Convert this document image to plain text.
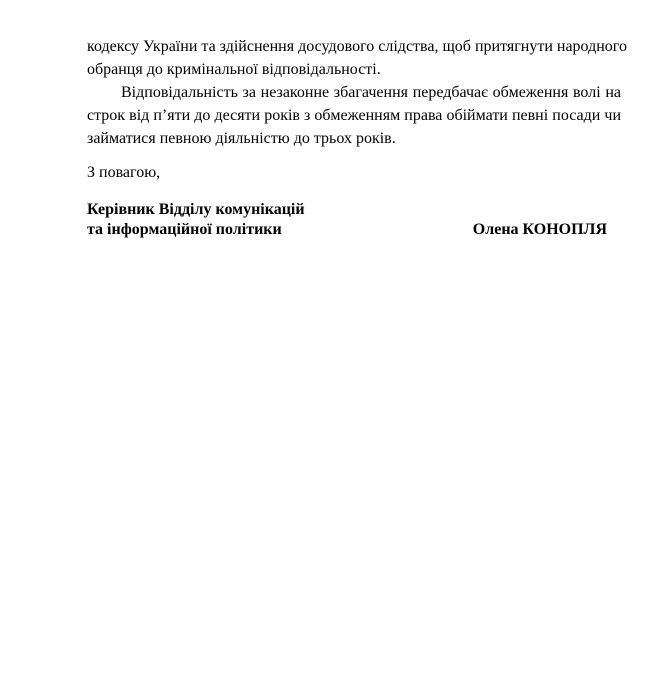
кодексу України та здійснення досудового слідства, щоб притягнути народного
обранця до кримінальної відповідальності.
Відповідальність за незаконне збагачення передбачає обмеження волі на
строк від п’яти до десяти років з обмеженням права обіймати певні посади чи
займатися певною діяльністю до трьох років.
З повагою,
Керівник Відділу комунікацій
та інформаційної політики	Олена КОНОПЛЯ
